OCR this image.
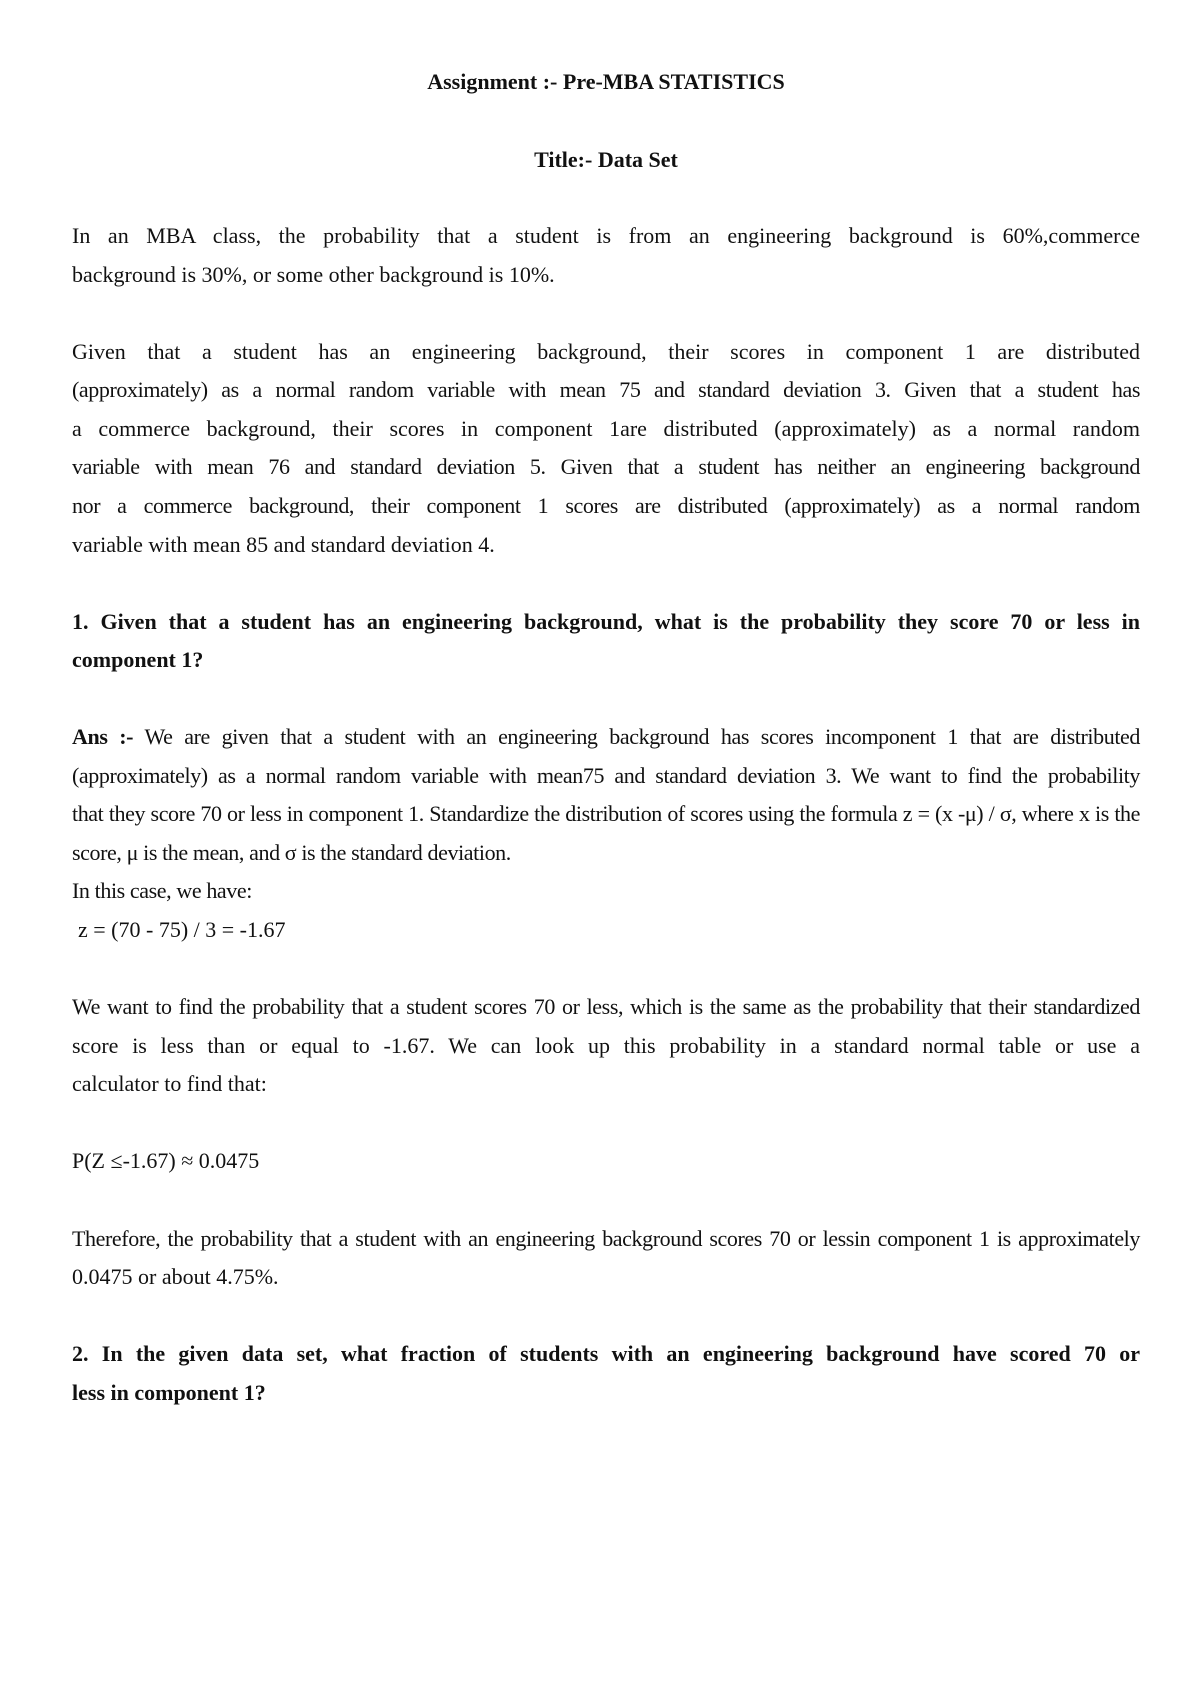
Assignment :- Pre-MBA STATISTICS

Title:- Data Set

In an MBA class, the probability that a student is from an engineering background is 60%,commerce

background is 30%, or some other background is 10%.

Given that a student has an engineering background, their scores in component 1 are distributed

(approximately) as a normal random variable with mean 75 and standard deviation 3. Given that a student has

a commerce background, their scores in component 1are distributed (approximately) as a normal random

variable with mean 76 and standard deviation 5. Given that a student has neither an engineering background

nor a commerce background, their component 1 scores are distributed (approximately) as a normal random

variable with mean 85 and standard deviation 4.

1. Given that a student has an engineering background, what is the probability they score 70 or less in

component 1?

Ans :- We are given that a student with an engineering background has scores incomponent 1 that are distributed

(approximately) as a normal random variable with mean75 and standard deviation 3. We want to find the probability

that they score 70 or less in component 1. Standardize the distribution of scores using the formula z = (x -μ) / σ, where x is the

score, μ is the mean, and σ is the standard deviation.

In this case, we have:

z = (70 - 75) / 3 = -1.67

We want to find the probability that a student scores 70 or less, which is the same as the probability that their standardized

score is less than or equal to -1.67. We can look up this probability in a standard normal table or use a

calculator to find that:

P(Z ≤-1.67) ≈ 0.0475

Therefore, the probability that a student with an engineering background scores 70 or lessin component 1 is approximately

0.0475 or about 4.75%.

2. In the given data set, what fraction of students with an engineering background have scored 70 or

less in component 1?
